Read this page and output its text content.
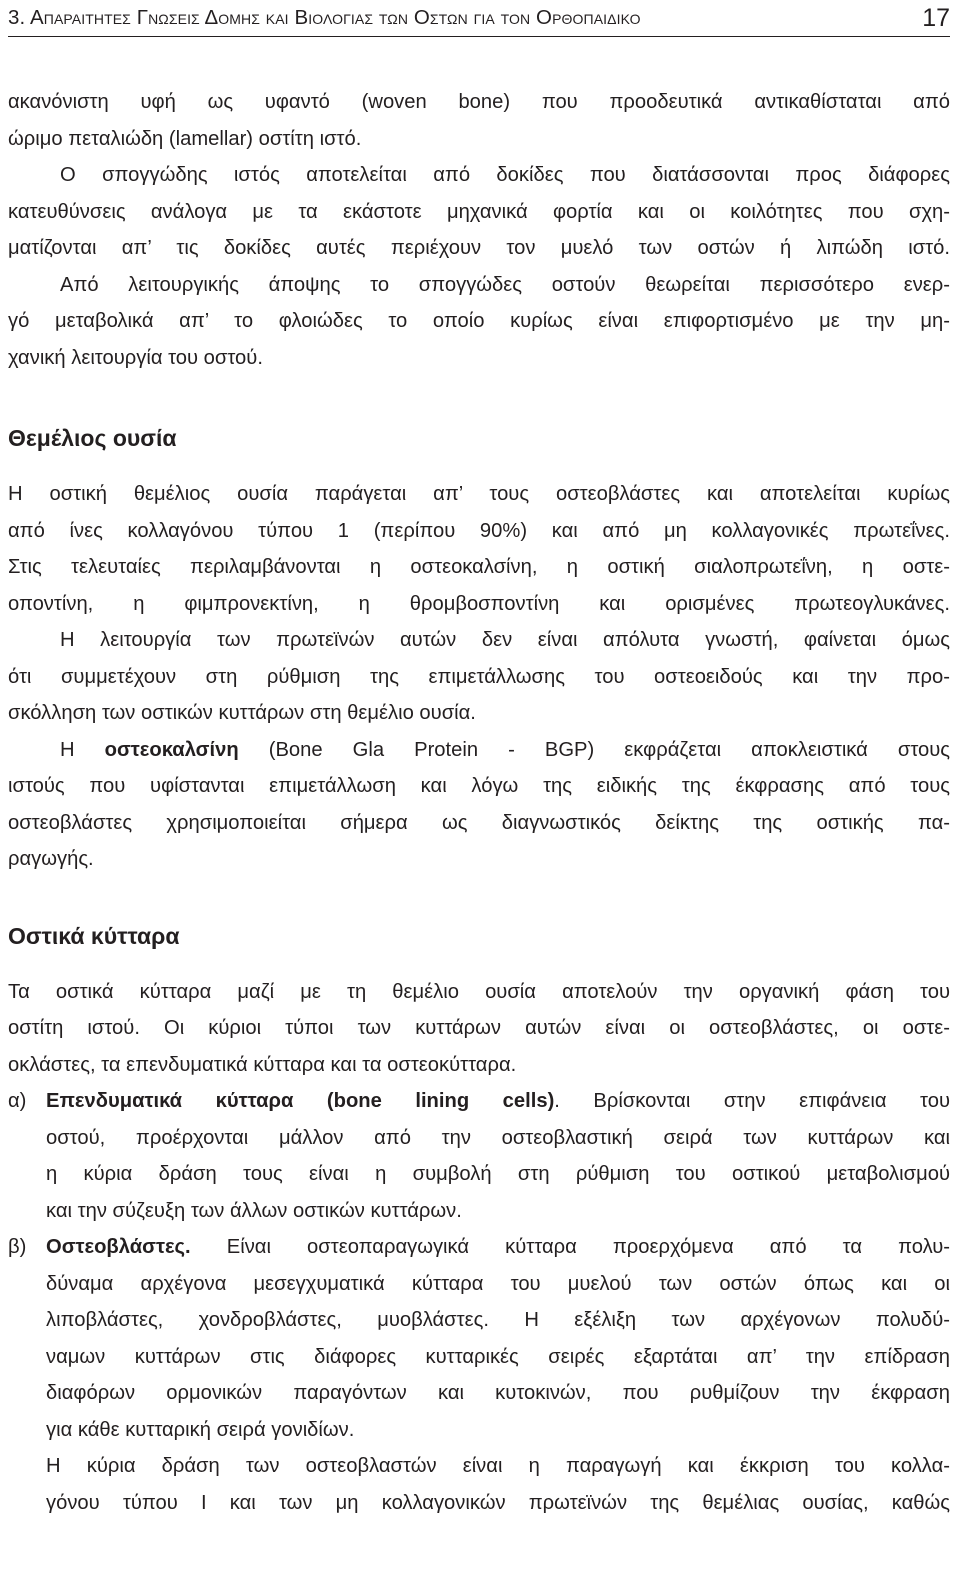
3. Απαραιτητες Γνωσεις Δομης και Βιολογιας των Οστων για τον Ορθοπαιδικο	17
ακανόνιστη υφή ως υφαντό (woven bone) που προοδευτικά αντικαθίσταται από
ώριμο πεταλιώδη (lamellar) οστίτη ιστό.
Ο σπογγώδης ιστός αποτελείται από δοκίδες που διατάσσονται προς διάφορες
κατευθύνσεις ανάλογα με τα εκάστοτε μηχανικά φορτία και οι κοιλότητες που σχη-
ματίζονται απ’ τις δοκίδες αυτές περιέχουν τον μυελό των οστών ή λιπώδη ιστό.
Από λειτουργικής άποψης το σπογγώδες οστούν θεωρείται περισσότερο ενερ-
γό μεταβολικά απ’ το φλοιώδες το οποίο κυρίως είναι επιφορτισμένο με την μη-
χανική λειτουργία του οστού.
Θεμέλιος ουσία
Η οστική θεμέλιος ουσία παράγεται απ’ τους οστεοβλάστες και αποτελείται κυρίως
από ίνες κολλαγόνου τύπου 1 (περίπου 90%) και από μη κολλαγονικές πρωτεΐνες.
Στις τελευταίες περιλαμβάνονται η οστεοκαλσίνη, η οστική σιαλοπρωτεΐνη, η οστε-
οποντίνη, η φιμπρονεκτίνη, η θρομβοσποντίνη και ορισμένες πρωτεογλυκάνες.
Η λειτουργία των πρωτεϊνών αυτών δεν είναι απόλυτα γνωστή, φαίνεται όμως
ότι συμμετέχουν στη ρύθμιση της επιμετάλλωσης του οστεοειδούς και την προ-
σκόλληση των οστικών κυττάρων στη θεμέλιο ουσία.
Η οστεοκαλσίνη (Bone Gla Protein - BGP) εκφράζεται αποκλειστικά στους
ιστούς που υφίστανται επιμετάλλωση και λόγω της ειδικής της έκφρασης από τους
οστεοβλάστες χρησιμοποιείται σήμερα ως διαγνωστικός δείκτης της οστικής πα-
ραγωγής.
Οστικά κύτταρα
Τα οστικά κύτταρα μαζί με τη θεμέλιο ουσία αποτελούν την οργανική φάση του
οστίτη ιστού. Οι κύριοι τύποι των κυττάρων αυτών είναι οι οστεοβλάστες, οι οστε-
οκλάστες, τα επενδυματικά κύτταρα και τα οστεοκύτταρα.
α) Επενδυματικά κύτταρα (bone lining cells). Βρίσκονται στην επιφάνεια του
οστού, προέρχονται μάλλον από την οστεοβλαστική σειρά των κυττάρων και
η κύρια δράση τους είναι η συμβολή στη ρύθμιση του οστικού μεταβολισμού
και την σύζευξη των άλλων οστικών κυττάρων.
β) Οστεοβλάστες. Είναι οστεοπαραγωγικά κύτταρα προερχόμενα από τα πολυ-
δύναμα αρχέγονα μεσεγχυματικά κύτταρα του μυελού των οστών όπως και οι
λιποβλάστες, χονδροβλάστες, μυοβλάστες. Η εξέλιξη των αρχέγονων πολυδύ-
ναμων κυττάρων στις διάφορες κυτταρικές σειρές εξαρτάται απ’ την επίδραση
διαφόρων ορμονικών παραγόντων και κυτοκινών, που ρυθμίζουν την έκφραση
για κάθε κυτταρική σειρά γονιδίων.
Η κύρια δράση των οστεοβλαστών είναι η παραγωγή και έκκριση του κολλα-
γόνου τύπου I και των μη κολλαγονικών πρωτεϊνών της θεμέλιας ουσίας, καθώς
